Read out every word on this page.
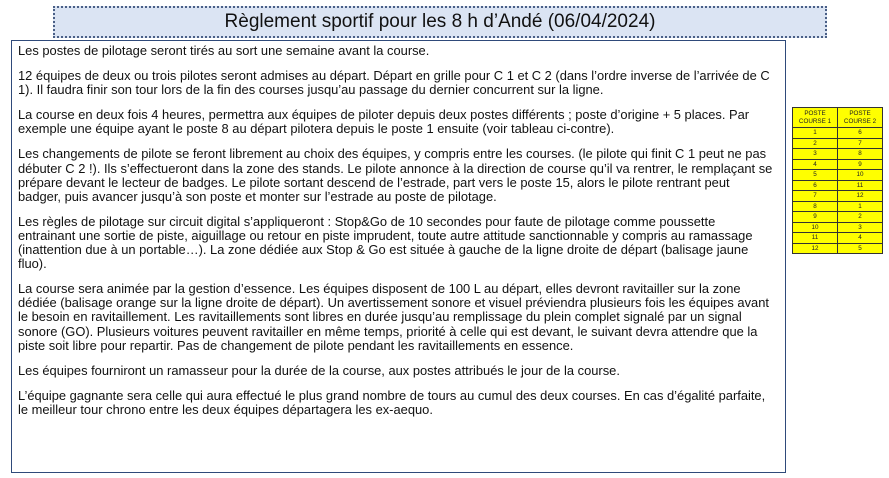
Règlement sportif pour les 8 h d’Andé (06/04/2024)

Les postes de pilotage seront tirés au sort une semaine avant la course.

12 équipes de deux ou trois pilotes seront admises au départ. Départ en grille pour C 1 et C 2 (dans l’ordre inverse de l’arrivée de C 1). Il faudra finir son tour lors de la fin des courses jusqu’au passage du dernier concurrent sur la ligne.

La course en deux fois 4 heures, permettra aux équipes de piloter depuis deux postes différents ; poste d’origine + 5 places. Par exemple une équipe ayant le poste 8 au départ pilotera depuis le poste 1 ensuite (voir tableau ci-contre).

Les changements de pilote se feront librement au choix des équipes, y compris entre les courses. (le pilote qui finit C 1 peut ne pas débuter C 2 !). Ils s’effectueront dans la zone des stands. Le pilote annonce à la direction de course qu’il va rentrer, le remplaçant se prépare devant le lecteur de badges. Le pilote sortant descend de l’estrade, part vers le poste 15, alors le pilote rentrant peut badger, puis avancer jusqu’à son poste et monter sur l’estrade au poste de pilotage.

Les règles de pilotage sur circuit digital s’appliqueront : Stop&Go de 10 secondes pour faute de pilotage comme poussette entrainant une sortie de piste, aiguillage ou retour en piste imprudent, toute autre attitude sanctionnable y compris au ramassage (inattention due à un portable…). La zone dédiée aux Stop & Go est située à gauche de la ligne droite de départ (balisage jaune fluo).

La course sera animée par la gestion d’essence. Les équipes disposent de 100 L au départ, elles devront ravitailler sur la zone dédiée (balisage orange sur la ligne droite de départ). Un avertissement sonore et visuel préviendra plusieurs fois les équipes avant le besoin en ravitaillement. Les ravitaillements sont libres en durée jusqu’au remplissage du plein complet signalé par un signal sonore (GO). Plusieurs voitures peuvent ravitailler en même temps, priorité à celle qui est devant, le suivant devra attendre que la piste soit libre pour repartir. Pas de changement de pilote pendant les ravitaillements en essence.

Les équipes fourniront un ramasseur pour la durée de la course, aux postes attribués le jour de la course.

L’équipe gagnante sera celle qui aura effectué le plus grand nombre de tours au cumul des deux courses. En cas d’égalité parfaite, le meilleur tour chrono entre les deux équipes départagera les ex-aequo.

POSTE COURSE 1	POSTE COURSE 2
1	6
2	7
3	8
4	9
5	10
6	11
7	12
8	1
9	2
10	3
11	4
12	5
